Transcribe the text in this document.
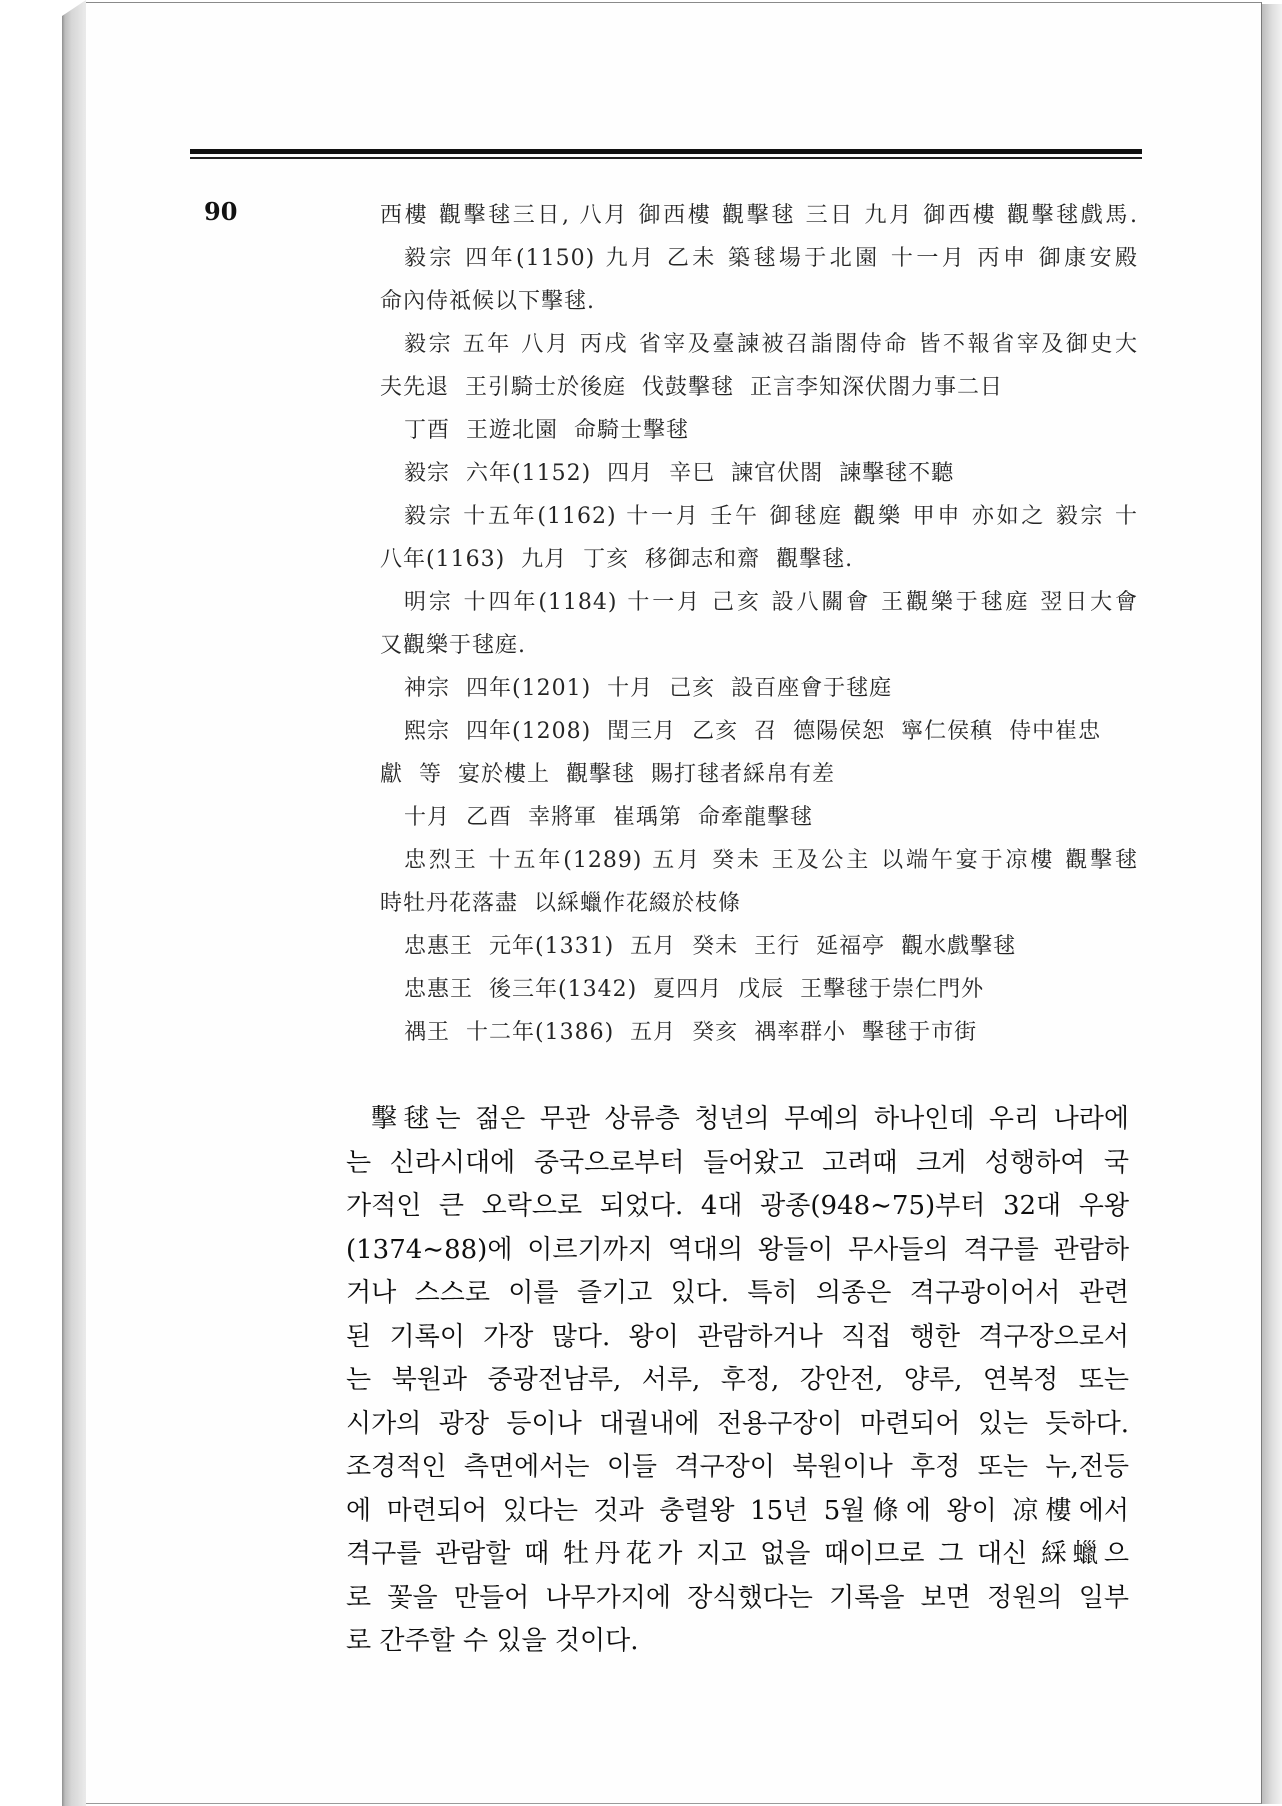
90	西樓 觀擊毬三日, 八月 御西樓 觀擊毬 三日 九月 御西樓 觀擊毬戲馬.
毅宗 四年(1150) 九月 乙未 築毬場于北園 十一月 丙申 御康安殿
命內侍祗候以下擊毬.
毅宗 五年 八月 丙戌 省宰及臺諫被召詣閤侍命 皆不報省宰及御史大
夫先退 王引騎士於後庭 伐鼓擊毬 正言李知深伏閤力事二日
丁酉 王遊北園 命騎士擊毬
毅宗 六年(1152) 四月 辛巳 諫官伏閤 諫擊毬不聽
毅宗 十五年(1162) 十一月 壬午 御毬庭 觀樂 甲申 亦如之 毅宗 十
八年(1163) 九月 丁亥 移御志和齋 觀擊毬.
明宗 十四年(1184) 十一月 己亥 設八關會 王觀樂于毬庭 翌日大會
又觀樂于毬庭.
神宗 四年(1201) 十月 己亥 設百座會于毬庭
熙宗 四年(1208) 閏三月 乙亥 召 德陽侯恕 寧仁侯稹 侍中崔忠
獻 等 宴於樓上 觀擊毬 賜打毬者綵帛有差
十月 乙酉 幸將軍 崔瑀第 命牽龍擊毬
忠烈王 十五年(1289) 五月 癸未 王及公主 以端午宴于凉樓 觀擊毬
時牡丹花落盡 以綵蠟作花綴於枝條
忠惠王 元年(1331) 五月 癸未 王行 延福亭 觀水戲擊毬
忠惠王 後三年(1342) 夏四月 戊辰 王擊毬于崇仁門外
禑王 十二年(1386) 五月 癸亥 禑率群小 擊毬于市街
擊毬는 젊은 무관 상류층 청년의 무예의 하나인데 우리 나라에
는 신라시대에 중국으로부터 들어왔고 고려때 크게 성행하여 국
가적인 큰 오락으로 되었다. 4대 광종(948∼75)부터 32대 우왕
(1374∼88)에 이르기까지 역대의 왕들이 무사들의 격구를 관람하
거나 스스로 이를 즐기고 있다. 특히 의종은 격구광이어서 관련
된 기록이 가장 많다. 왕이 관람하거나 직접 행한 격구장으로서
는 북원과 중광전남루, 서루, 후정, 강안전, 양루, 연복정 또는
시가의 광장 등이나 대궐내에 전용구장이 마련되어 있는 듯하다.
조경적인 측면에서는 이들 격구장이 북원이나 후정 또는 누,전등
에 마련되어 있다는 것과 충렬왕 15년 5월條에 왕이 凉樓에서
격구를 관람할 때 牡丹花가 지고 없을 때이므로 그 대신 綵蠟으
로 꽃을 만들어 나무가지에 장식했다는 기록을 보면 정원의 일부
로 간주할 수 있을 것이다.
